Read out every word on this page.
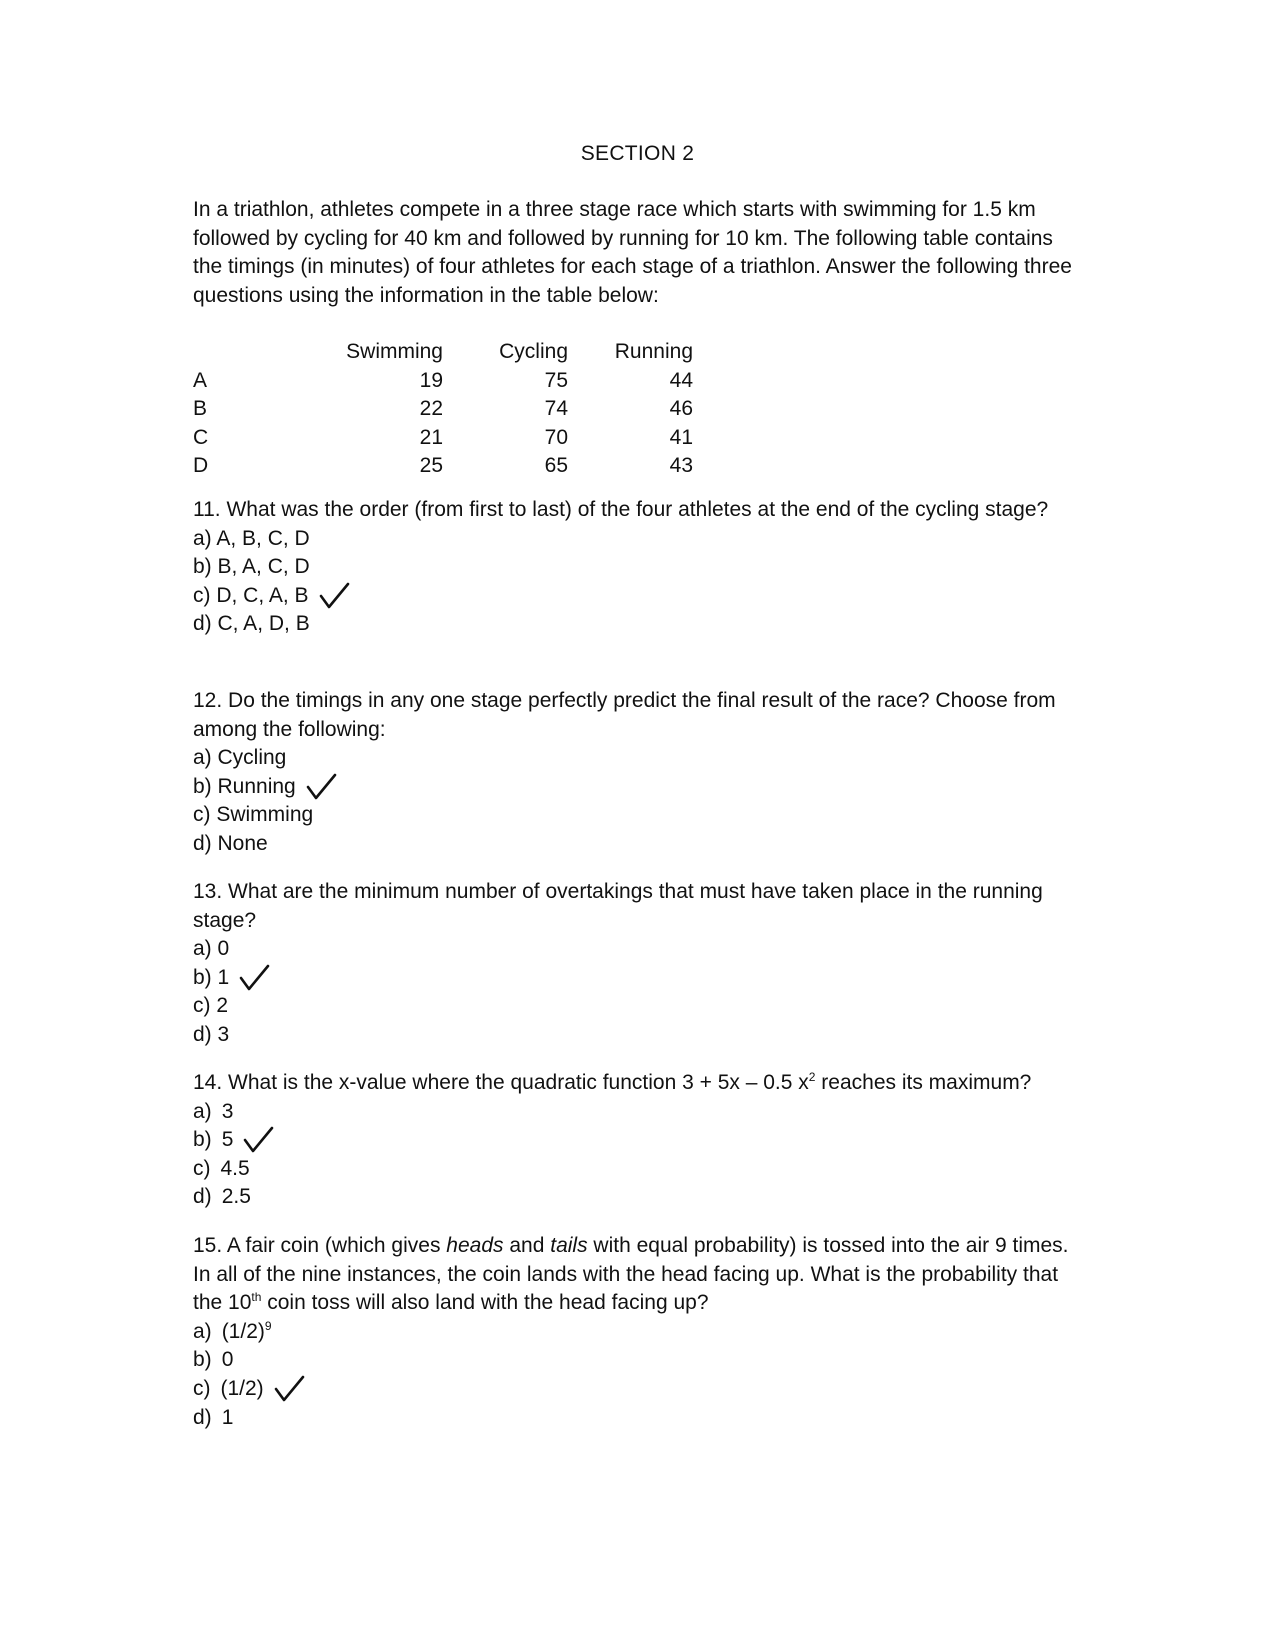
SECTION 2

In a triathlon, athletes compete in a three stage race which starts with swimming for 1.5 km followed by cycling for 40 km and followed by running for 10 km. The following table contains the timings (in minutes) of four athletes for each stage of a triathlon. Answer the following three questions using the information in the table below:

	Swimming	Cycling	Running
A	19	75	44
B	22	74	46
C	21	70	41
D	25	65	43

11. What was the order (from first to last) of the four athletes at the end of the cycling stage?

a) A, B, C, D
b) B, A, C, D
c) D, C, A, B
d) C, A, D, B

12. Do the timings in any one stage perfectly predict the final result of the race? Choose from among the following:

a) Cycling
b) Running
c) Swimming
d) None

13. What are the minimum number of overtakings that must have taken place in the running stage?

a) 0
b) 1
c) 2
d) 3

14. What is the x-value where the quadratic function 3 + 5x – 0.5 $x^2$ reaches its maximum?

a) 3
b) 5
c) 4.5
d) 2.5

15. A fair coin (which gives heads and tails with equal probability) is tossed into the air 9 times. In all of the nine instances, the coin lands with the head facing up. What is the probability that the 10th coin toss will also land with the head facing up?

a) $(1/2)^9$
b) 0
c) (1/2)
d) 1
